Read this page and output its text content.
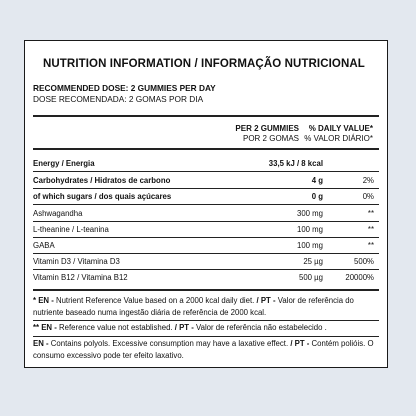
NUTRITION INFORMATION / INFORMAÇÃO NUTRICIONAL
RECOMMENDED DOSE: 2 GUMMIES PER DAY
DOSE RECOMENDADA: 2 GOMAS POR DIA
PER 2 GUMMIES
POR 2 GOMAS
% DAILY VALUE*
% VALOR DIÁRIO*
Energy / Energia	33,5 kJ / 8 kcal
Carbohydrates / Hidratos de carbono	4 g	2%
of which sugars / dos quais açúcares	0 g	0%
Ashwagandha	300 mg	**
L-theanine / L-teanina	100 mg	**
GABA	100 mg	**
Vitamin D3 / Vitamina D3	25 µg	500%
Vitamin B12 / Vitamina B12	500 µg	20000%
* EN - Nutrient Reference Value based on a 2000 kcal daily diet. / PT - Valor de referência do nutriente baseado numa ingestão diária de referência de 2000 kcal.
** EN - Reference value not established. / PT - Valor de referência não estabelecido .
EN - Contains polyols. Excessive consumption may have a laxative effect. / PT - Contém polióis. O consumo excessivo pode ter efeito laxativo.
